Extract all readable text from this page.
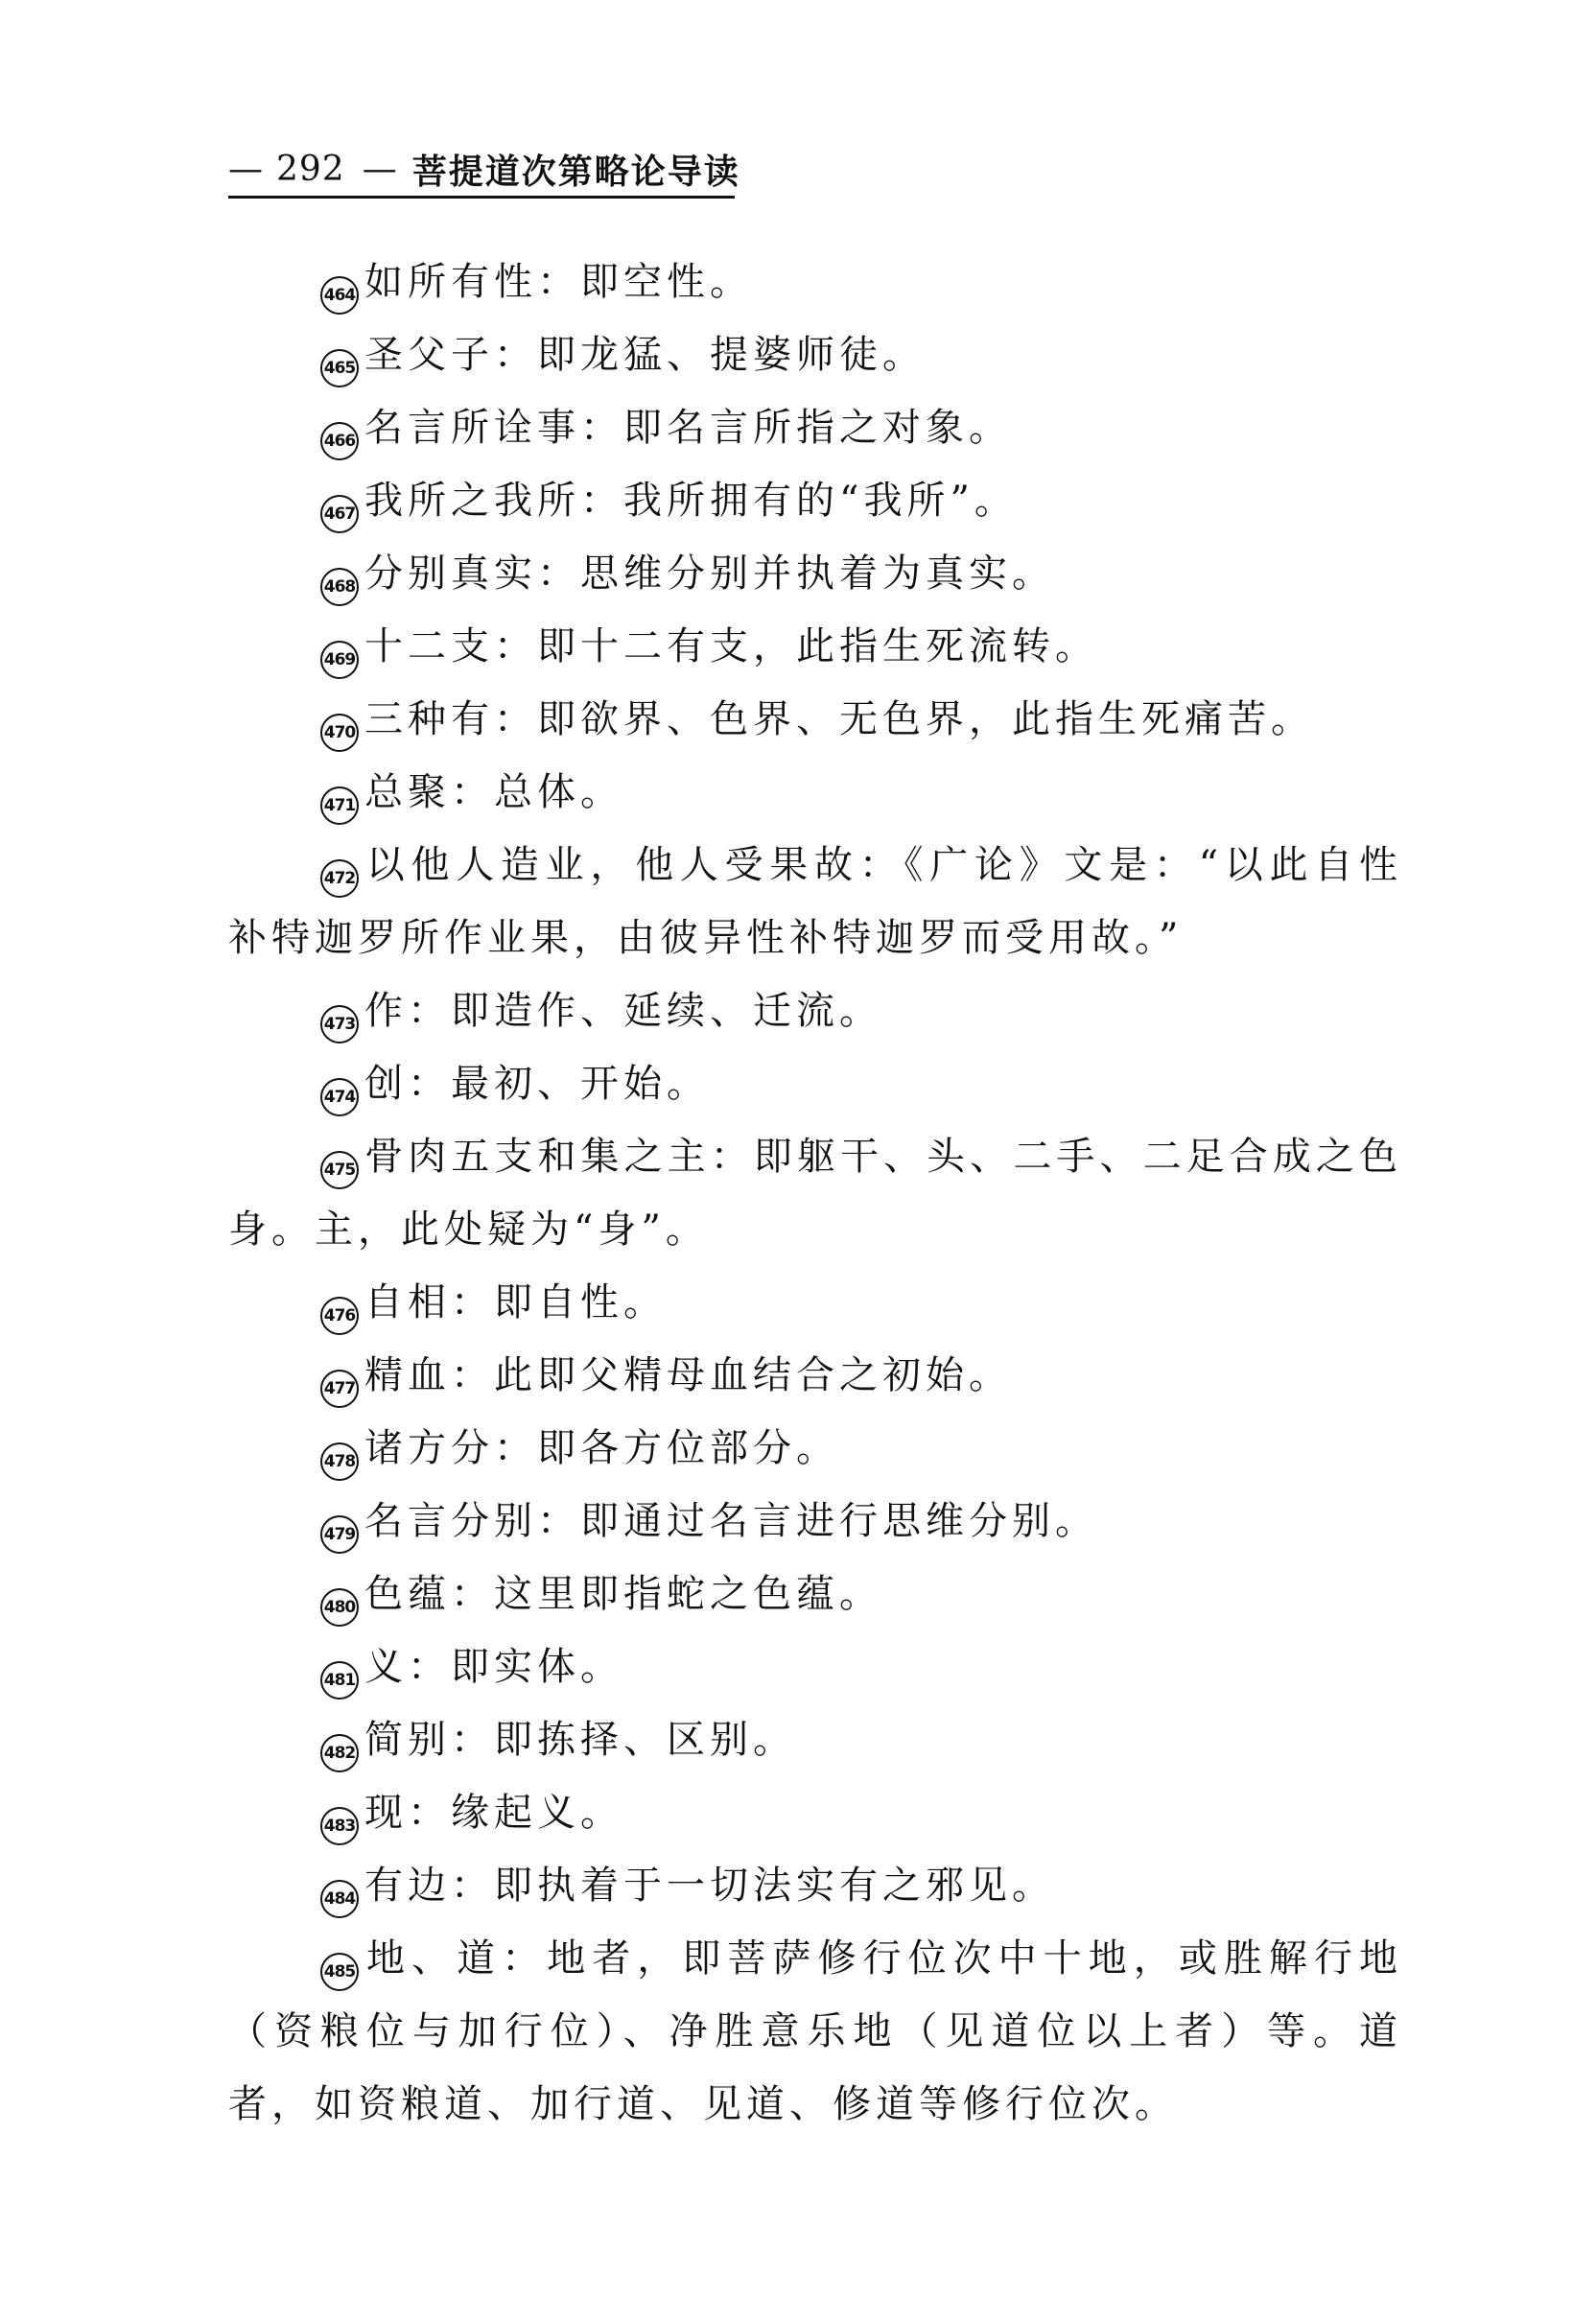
— 292 — 菩提道次第略论导读

464 如所有性：即空性。

465 圣父子：即龙猛、提婆师徒。

466 名言所诠事：即名言所指之对象。

467 我所之我所：我所拥有的“我所”。

468 分别真实：思维分别并执着为真实。

469 十二支：即十二有支，此指生死流转。

470 三种有：即欲界、色界、无色界，此指生死痛苦。

471 总聚：总体。

472 以他人造业，他人受果故：《广论》文是：“以此自性补特迦罗所作业果，由彼异性补特迦罗而受用故。”

473 作：即造作、延续、迁流。

474 创：最初、开始。

475 骨肉五支和集之主：即躯干、头、二手、二足合成之色身。主，此处疑为“身”。

476 自相：即自性。

477 精血：此即父精母血结合之初始。

478 诸方分：即各方位部分。

479 名言分别：即通过名言进行思维分别。

480 色蕴：这里即指蛇之色蕴。

481 义：即实体。

482 简别：即拣择、区别。

483 现：缘起义。

484 有边：即执着于一切法实有之邪见。

485 地、道：地者，即菩萨修行位次中十地，或胜解行地（资粮位与加行位）、净胜意乐地（见道位以上者）等。道者，如资粮道、加行道、见道、修道等修行位次。
